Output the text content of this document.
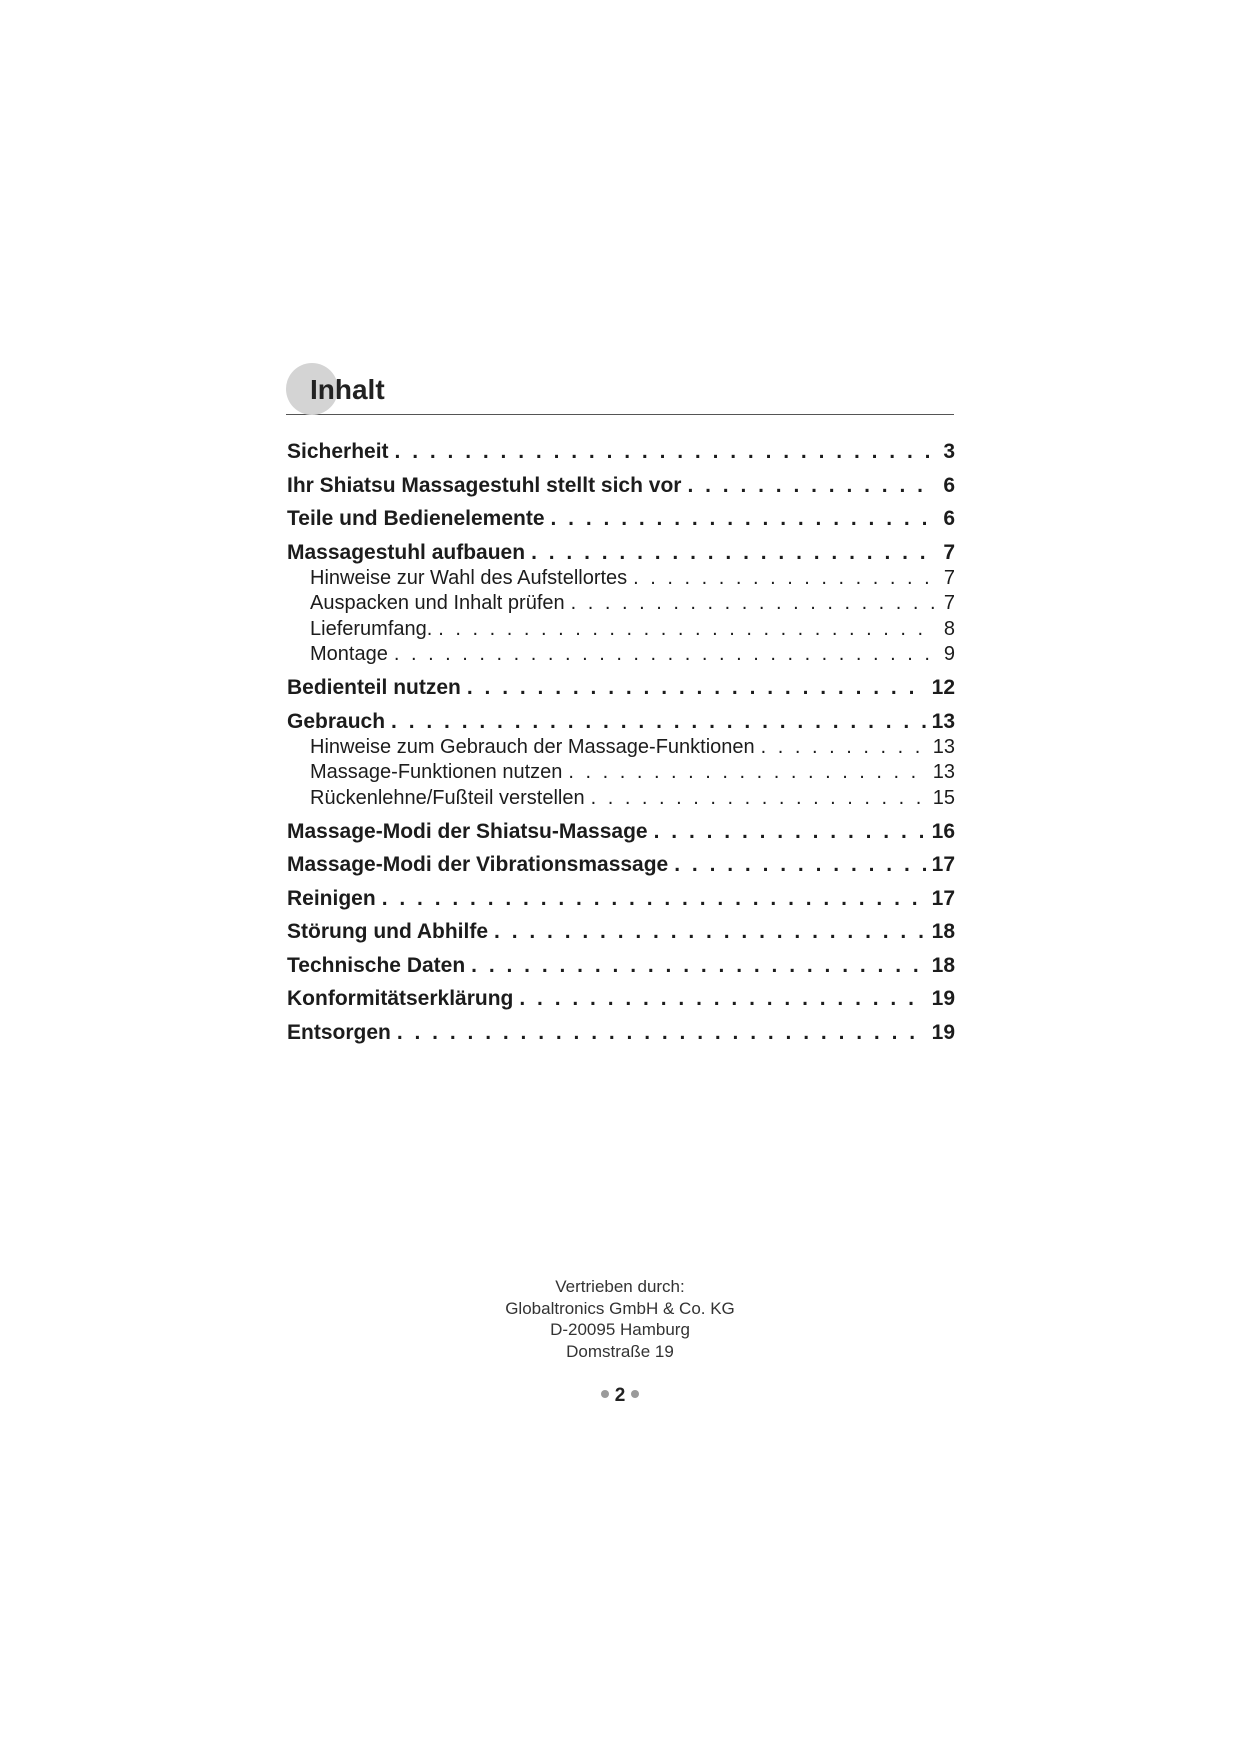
Inhalt
Sicherheit . . .	3
Ihr Shiatsu Massagestuhl stellt sich vor . . .	6
Teile und Bedienelemente . . .	6
Massagestuhl aufbauen . . .	7
Hinweise zur Wahl des Aufstellortes . . .	7
Auspacken und Inhalt prüfen . . .	7
Lieferumfang. . . .	8
Montage . . .	9
Bedienteil nutzen . . .	12
Gebrauch . . .	13
Hinweise zum Gebrauch der Massage-Funktionen . . .	13
Massage-Funktionen nutzen . . .	13
Rückenlehne/Fußteil verstellen . . .	15
Massage-Modi der Shiatsu-Massage . . .	16
Massage-Modi der Vibrationsmassage . . .	17
Reinigen . . .	17
Störung und Abhilfe . . .	18
Technische Daten . . .	18
Konformitätserklärung . . .	19
Entsorgen . . .	19
Vertrieben durch:
Globaltronics GmbH & Co. KG
D-20095 Hamburg
Domstraße 19
2
